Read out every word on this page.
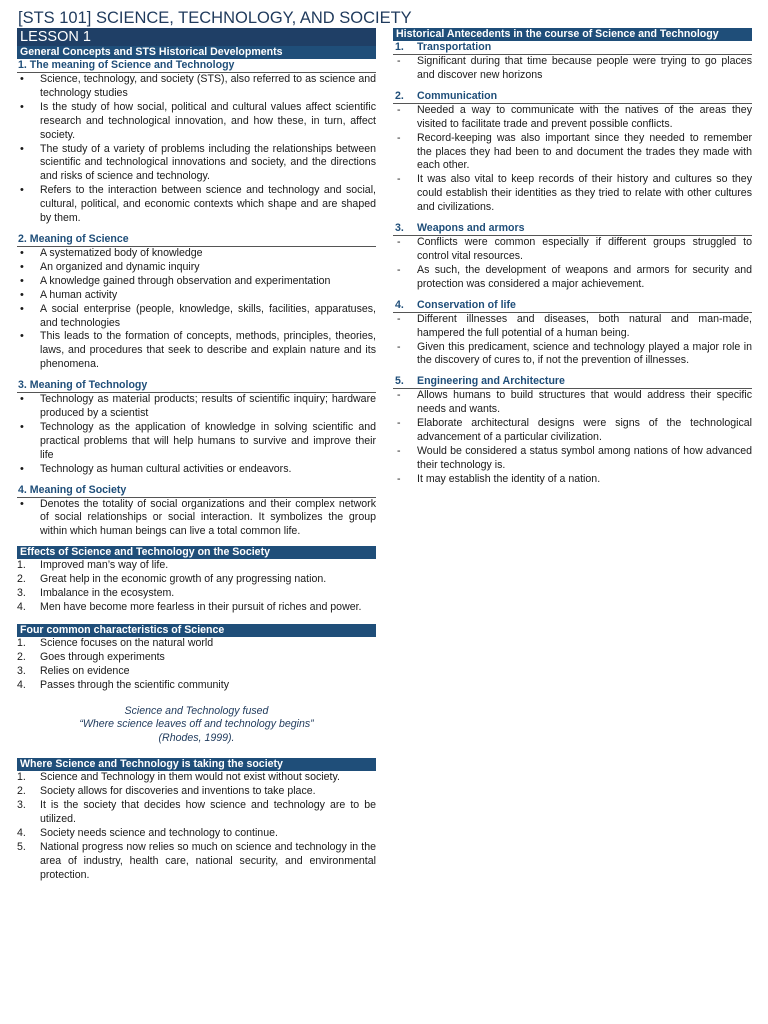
[STS 101] SCIENCE, TECHNOLOGY, AND SOCIETY
LESSON 1
General Concepts and STS Historical Developments
1. The meaning of Science and Technology
• Science, technology, and society (STS), also referred to as science and technology studies
• Is the study of how social, political and cultural values affect scientific research and technological innovation, and how these, in turn, affect society.
• The study of a variety of problems including the relationships between scientific and technological innovations and society, and the directions and risks of science and technology.
• Refers to the interaction between science and technology and social, cultural, political, and economic contexts which shape and are shaped by them.
2. Meaning of Science
• A systematized body of knowledge
• An organized and dynamic inquiry
• A knowledge gained through observation and experimentation
• A human activity
• A social enterprise (people, knowledge, skills, facilities, apparatuses, and technologies
• This leads to the formation of concepts, methods, principles, theories, laws, and procedures that seek to describe and explain nature and its phenomena.
3. Meaning of Technology
• Technology as material products; results of scientific inquiry; hardware produced by a scientist
• Technology as the application of knowledge in solving scientific and practical problems that will help humans to survive and improve their life
• Technology as human cultural activities or endeavors.
4. Meaning of Society
• Denotes the totality of social organizations and their complex network of social relationships or social interaction. It symbolizes the group within which human beings can live a total common life.
Effects of Science and Technology on the Society
1. Improved man’s way of life.
2. Great help in the economic growth of any progressing nation.
3. Imbalance in the ecosystem.
4. Men have become more fearless in their pursuit of riches and power.
Four common characteristics of Science
1. Science focuses on the natural world
2. Goes through experiments
3. Relies on evidence
4. Passes through the scientific community

Science and Technology fused
“Where science leaves off and technology begins”
(Rhodes, 1999).

Where Science and Technology is taking the society
1. Science and Technology in them would not exist without society.
2. Society allows for discoveries and inventions to take place.
3. It is the society that decides how science and technology are to be utilized.
4. Society needs science and technology to continue.
5. National progress now relies so much on science and technology in the area of industry, health care, national security, and environmental protection.
Historical Antecedents in the course of Science and Technology
1.	Transportation
- Significant during that time because people were trying to go places and discover new horizons
2.	Communication
- Needed a way to communicate with the natives of the areas they visited to facilitate trade and prevent possible conflicts.
- Record-keeping was also important since they needed to remember the places they had been to and document the trades they made with each other.
- It was also vital to keep records of their history and cultures so they could establish their identities as they tried to relate with other cultures and civilizations.
3.	Weapons and armors
- Conflicts were common especially if different groups struggled to control vital resources.
- As such, the development of weapons and armors for security and protection was considered a major achievement.
4.	Conservation of life
- Different illnesses and diseases, both natural and man-made, hampered the full potential of a human being.
- Given this predicament, science and technology played a major role in the discovery of cures to, if not the prevention of illnesses.
5.	Engineering and Architecture
- Allows humans to build structures that would address their specific needs and wants.
- Elaborate architectural designs were signs of the technological advancement of a particular civilization.
- Would be considered a status symbol among nations of how advanced their technology is.
- It may establish the identity of a nation.
